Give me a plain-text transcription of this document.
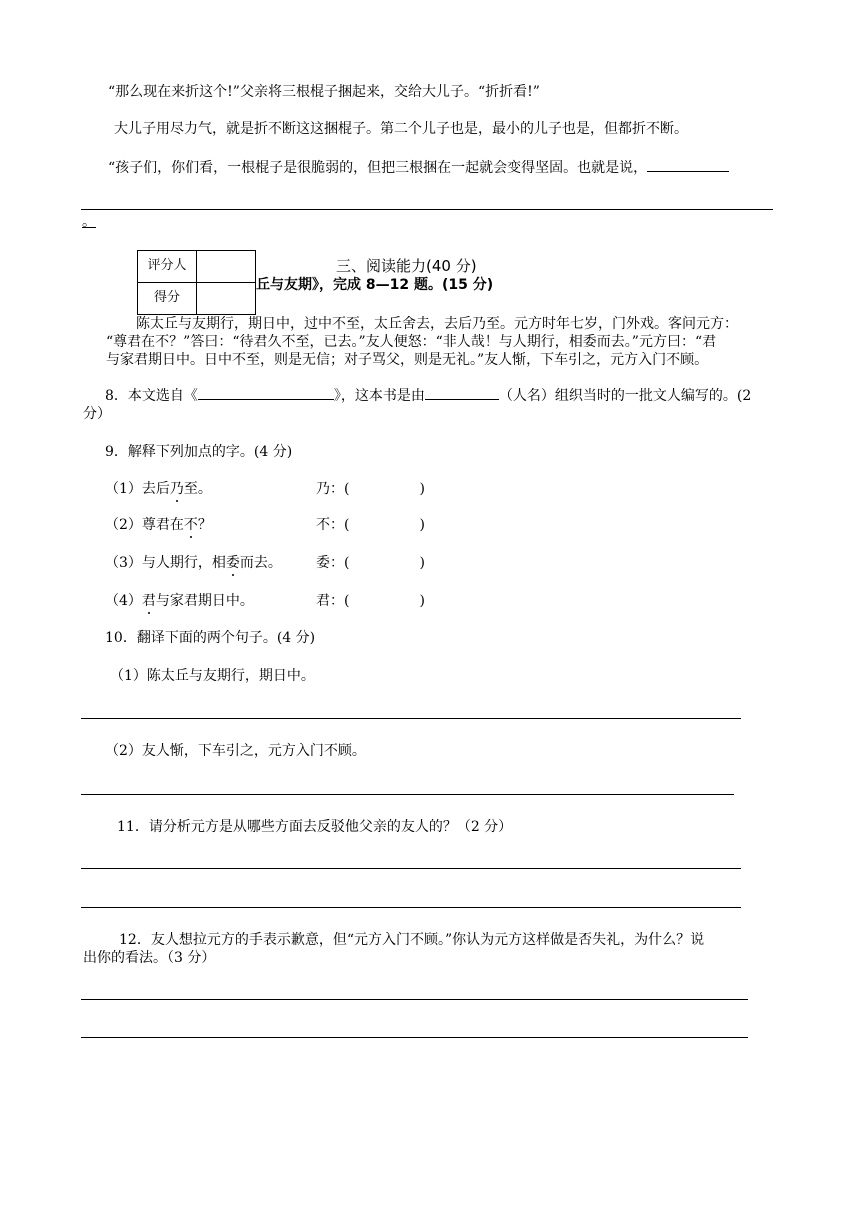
“那么现在来折这个!”父亲将三根棍子捆起来，交给大儿子。“折折看!”
大儿子用尽力气，就是折不断这这捆棍子。第二个儿子也是，最小的儿子也是，但都折不断。
“孩子们，你们看，一根棍子是很脆弱的，但把三根捆在一起就会变得坚固。也就是说，
。
评分人	
得分	
三、阅读能力(40 分)
丘与友期》，完成 8—12 题。(15 分)
陈太丘与友期行，期日中，过中不至，太丘舍去，去后乃至。元方时年七岁，门外戏。客问元方：
“尊君在不？”答曰：“待君久不至，已去。”友人便怒：“非人哉！与人期行，相委而去。”元方曰：“君
与家君期日中。日中不至，则是无信；对子骂父，则是无礼。”友人惭，下车引之，元方入门不顾。
8．本文选自《	》，这本书是由	（人名）组织当时的一批文人编写的。(2
分）
9．解释下列加点的字。(4 分)
（1）去后乃至。	乃：(	)
（2）尊君在不？	不：(	)
（3）与人期行，相委而去。 委：(	)
（4）君与家君期日中。	君：(	)
10．翻译下面的两个句子。(4 分)
（1）陈太丘与友期行，期日中。
（2）友人惭，下车引之，元方入门不顾。
11．请分析元方是从哪些方面去反驳他父亲的友人的？（2 分）
12．友人想拉元方的手表示歉意，但“元方入门不顾。”你认为元方这样做是否失礼，为什么？说
出你的看法。（3 分）
